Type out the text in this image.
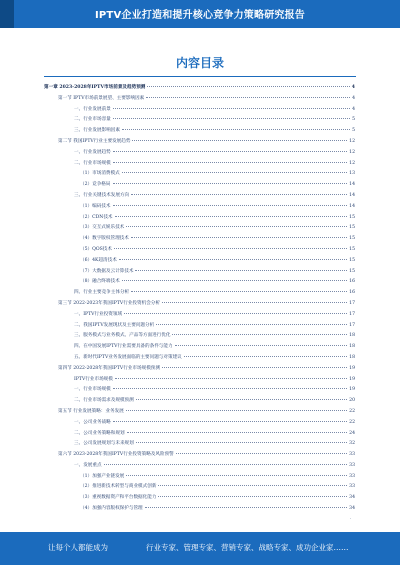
IPTV企业打造和提升核心竞争力策略研究报告
内容目录
第一章 2023-2028年IPTV市场前景及趋势预测	4
第一节 IPTV市场前景展望、主要影响因素	4
一、行业发展前景	4
二、行业市场容量	5
三、行业发展影响因素	5
第二节 我国IPTV行业主要发展趋势	12
一、行业发展趋势	12
二、行业市场规模	12
（1）市场消费模式	13
（2）竞争格局	14
三、行业关键技术发展方向	14
（1）编码技术	14
（2）CDN技术	15
（3）交互式娱乐技术	15
（4）数字版权管理技术	15
（5）QOS技术	15
（6）4K超清技术	15
（7）大数据及云计算技术	15
（8）融合终端技术	16
四、行业主要竞争主体分析	16
第三节 2022-2023年我国IPTV行业投资机会分析	17
一、IPTV行业投资领域	17
二、我国IPTV发展现状及主要问题分析	17
三、服务模式与业务模式、产品等方面进行优化	18
四、在中国发展IPTV行业需要具备的条件与能力	18
五、新时代IPTV业务发展面临的主要问题与对策建议	18
第四节 2022-2028年我国IPTV行业市场规模预测	19
IPTV行业市场规模	19
一、行业市场规模	19
二、行业市场需求及规模预测	20
第五节 行业发展策略：业务发展	22
一、公司业务战略	22
二、公司业务策略和规划	24
三、公司发展规划与未来规划	32
第六节 2023-2028年我国IPTV行业投资策略及风险预警	33
一、发展重点	33
（1）加强产业链发展	33
（2）推进新技术转型与商业模式创新	33
（3）重视数据资产和平台数据化能力	34
（4）加强内容版权保护与管理	34
·
让每个人都能成为	行业专家、管理专家、营销专家、战略专家、成功企业家……
